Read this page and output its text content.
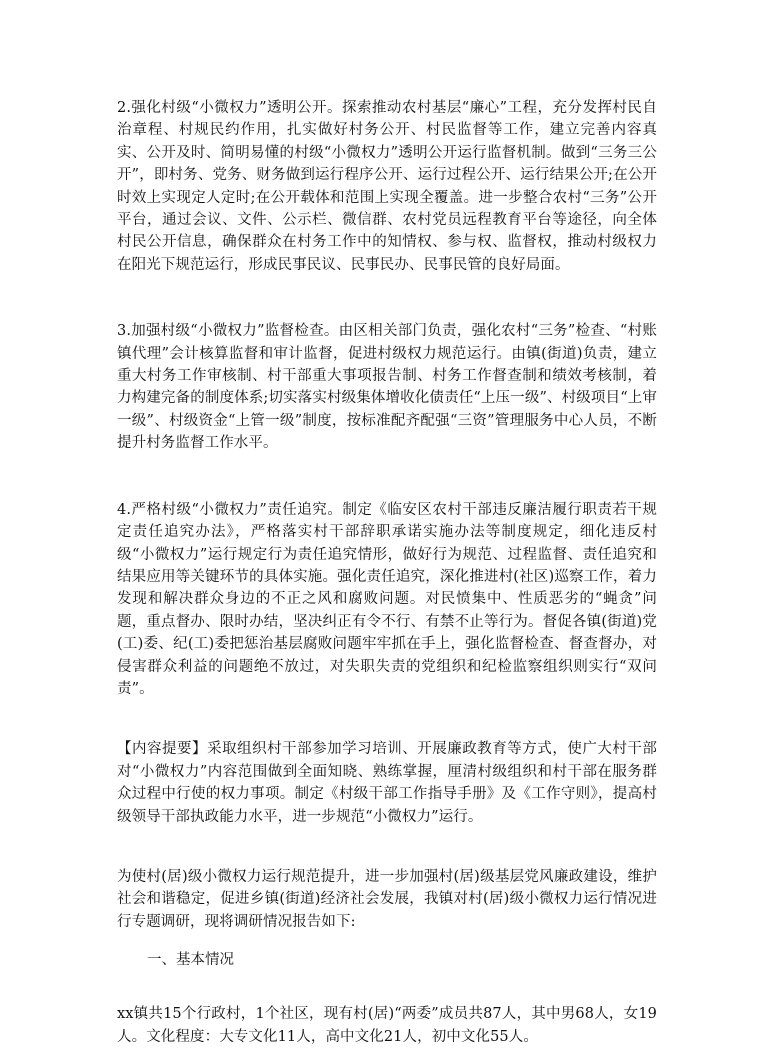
2.强化村级“小微权力”透明公开。探索推动农村基层“廉心”工程，充分发挥村民自治章程、村规民约作用，扎实做好村务公开、村民监督等工作，建立完善内容真实、公开及时、简明易懂的村级“小微权力”透明公开运行监督机制。做到“三务三公开”，即村务、党务、财务做到运行程序公开、运行过程公开、运行结果公开;在公开时效上实现定人定时;在公开载体和范围上实现全覆盖。进一步整合农村“三务”公开平台，通过会议、文件、公示栏、微信群、农村党员远程教育平台等途径，向全体村民公开信息，确保群众在村务工作中的知情权、参与权、监督权，推动村级权力在阳光下规范运行，形成民事民议、民事民办、民事民管的良好局面。

3.加强村级“小微权力”监督检查。由区相关部门负责，强化农村“三务”检查、“村账镇代理”会计核算监督和审计监督，促进村级权力规范运行。由镇(街道)负责，建立重大村务工作审核制、村干部重大事项报告制、村务工作督查制和绩效考核制，着力构建完备的制度体系;切实落实村级集体增收化债责任“上压一级”、村级项目“上审一级”、村级资金“上管一级”制度，按标准配齐配强“三资”管理服务中心人员，不断提升村务监督工作水平。

4.严格村级“小微权力”责任追究。制定《临安区农村干部违反廉洁履行职责若干规定责任追究办法》，严格落实村干部辞职承诺实施办法等制度规定，细化违反村级“小微权力”运行规定行为责任追究情形，做好行为规范、过程监督、责任追究和结果应用等关键环节的具体实施。强化责任追究，深化推进村(社区)巡察工作，着力发现和解决群众身边的不正之风和腐败问题。对民愤集中、性质恶劣的“蝇贪”问题，重点督办、限时办结，坚决纠正有令不行、有禁不止等行为。督促各镇(街道)党(工)委、纪(工)委把惩治基层腐败问题牢牢抓在手上，强化监督检查、督查督办，对侵害群众利益的问题绝不放过，对失职失责的党组织和纪检监察组织则实行“双问责”。

【内容提要】采取组织村干部参加学习培训、开展廉政教育等方式，使广大村干部对“小微权力”内容范围做到全面知晓、熟练掌握，厘清村级组织和村干部在服务群众过程中行使的权力事项。制定《村级干部工作指导手册》及《工作守则》，提高村级领导干部执政能力水平，进一步规范“小微权力”运行。

为使村(居)级小微权力运行规范提升，进一步加强村(居)级基层党风廉政建设，维护社会和谐稳定，促进乡镇(街道)经济社会发展，我镇对村(居)级小微权力运行情况进行专题调研，现将调研情况报告如下:

一、基本情况

xx镇共15个行政村，1个社区，现有村(居)“两委”成员共87人，其中男68人，女19人。文化程度：大专文化11人，高中文化21人，初中文化55人。
